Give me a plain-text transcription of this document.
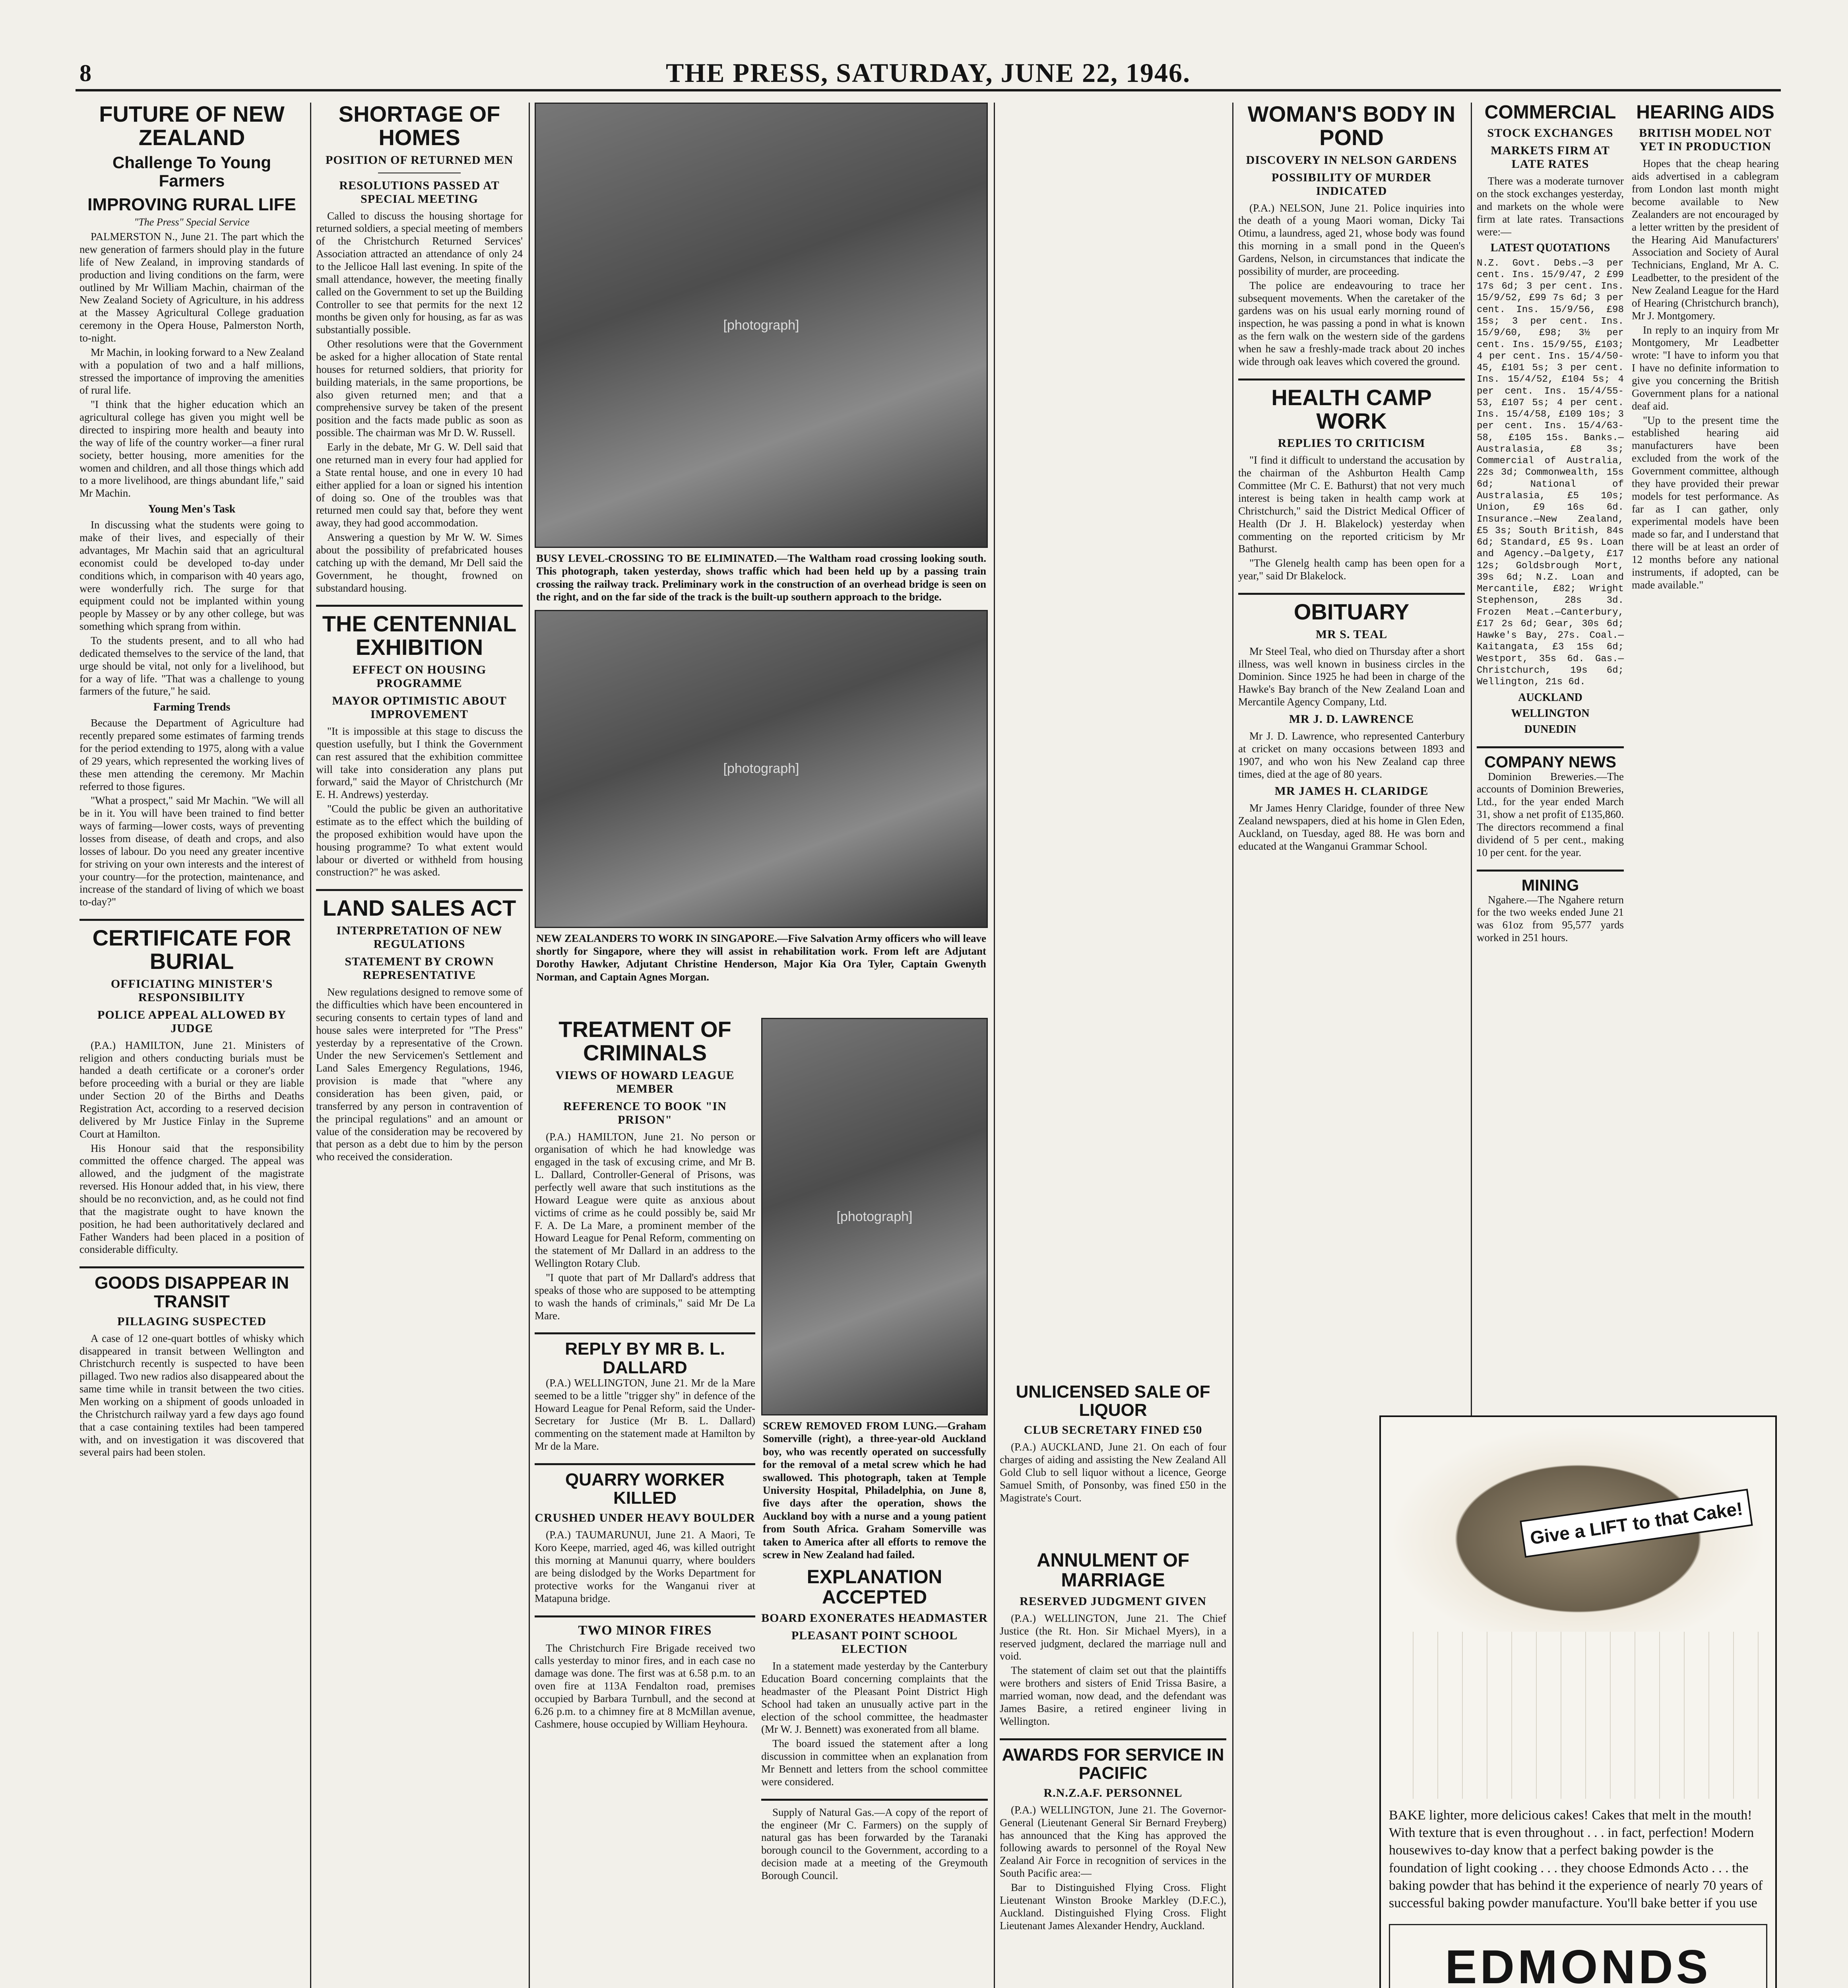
8	THE PRESS, SATURDAY, JUNE 22, 1946.
FUTURE OF NEW ZEALAND
Challenge To Young Farmers
IMPROVING RURAL LIFE
"The Press" Special Service

PALMERSTON N., June 21. The part which the new generation of farmers should play in the future life of New Zealand, in improving standards of production and living conditions on the farm, were outlined by Mr William Machin, chairman of the New Zealand Society of Agriculture, in his address at the Massey Agricultural College graduation ceremony in the Opera House, Palmerston North, to-night.

Mr Machin, in looking forward to a New Zealand with a population of two and a half millions, stressed the importance of improving the amenities of rural life.

"I think that the higher education which an agricultural college has given you might well be directed to inspiring more health and beauty into the way of life of the country worker—a finer rural society, better housing, more amenities for the women and children, and all those things which add to a more livelihood, are things abundant life," said Mr Machin.

Young Men's Task

In discussing what the students were going to make of their lives, and especially of their advantages, Mr Machin said that an agricultural economist could be developed to-day under conditions which, in comparison with 40 years ago, were wonderfully rich. The surge for that equipment could not be implanted within young people by Massey or by any other college, but was something which sprang from within.

To the students present, and to all who had dedicated themselves to the service of the land, that urge should be vital, not only for a livelihood, but for a way of life. "That was a challenge to young farmers of the future," he said.

Farming Trends

Because the Department of Agriculture had recently prepared some estimates of farming trends for the period extending to 1975, along with a value of 29 years, which represented the working lives of these men attending the ceremony. Mr Machin referred to those figures.

"What a prospect," said Mr Machin. "We will all be in it. You will have been trained to find better ways of farming—lower costs, ways of preventing losses from disease, of death and crops, and also losses of labour. Do you need any greater incentive for striving on your own interests and the interest of your country—for the protection, maintenance, and increase of the standard of living of which we boast to-day?"

CERTIFICATE FOR BURIAL
OFFICIATING MINISTER'S RESPONSIBILITY
POLICE APPEAL ALLOWED BY JUDGE

(P.A.) HAMILTON, June 21. Ministers of religion and others conducting burials must be handed a death certificate or a coroner's order before proceeding with a burial or they are liable under Section 20 of the Births and Deaths Registration Act, according to a reserved decision delivered by Mr Justice Finlay in the Supreme Court at Hamilton.

His Honour said that the responsibility committed the offence charged. The appeal was allowed, and the judgment of the magistrate reversed. His Honour added that, in his view, there should be no reconviction, and, as he could not find that the magistrate ought to have known the position, he had been authoritatively declared and Father Wanders had been placed in a position of considerable difficulty.

GOODS DISAPPEAR IN TRANSIT
PILLAGING SUSPECTED

A case of 12 one-quart bottles of whisky which disappeared in transit between Wellington and Christchurch recently is suspected to have been pillaged. Two new radios also disappeared about the same time while in transit between the two cities. Men working on a shipment of goods unloaded in the Christchurch railway yard a few days ago found that a case containing textiles had been tampered with, and on investigation it was discovered that several pairs had been stolen.

SHORTAGE OF HOMES
POSITION OF RETURNED MEN
RESOLUTIONS PASSED AT SPECIAL MEETING

Called to discuss the housing shortage for returned soldiers, a special meeting of members of the Christchurch Returned Services' Association attracted an attendance of only 24 to the Jellicoe Hall last evening. In spite of the small attendance, however, the meeting finally called on the Government to set up the Building Controller to see that permits for the next 12 months be given only for housing, as far as was substantially possible.

Other resolutions were that the Government be asked for a higher allocation of State rental houses for returned soldiers, that priority for building materials, in the same proportions, be also given returned men; and that a comprehensive survey be taken of the present position and the facts made public as soon as possible. The chairman was Mr D. W. Russell.

Early in the debate, Mr G. W. Dell said that one returned man in every four had applied for a State rental house, and one in every 10 had either applied for a loan or signed his intention of doing so. One of the troubles was that returned men could say that, before they went away, they had good accommodation.

Answering a question by Mr W. W. Simes about the possibility of prefabricated houses catching up with the demand, Mr Dell said the Government, he thought, frowned on substandard housing.

THE CENTENNIAL EXHIBITION
EFFECT ON HOUSING PROGRAMME
MAYOR OPTIMISTIC ABOUT IMPROVEMENT

"It is impossible at this stage to discuss the question usefully, but I think the Government can rest assured that the exhibition committee will take into consideration any plans put forward," said the Mayor of Christchurch (Mr E. H. Andrews) yesterday.

"Could the public be given an authoritative estimate as to the effect which the building of the proposed exhibition would have upon the housing programme? To what extent would labour or diverted or withheld from housing construction?" he was asked.

LAND SALES ACT
INTERPRETATION OF NEW REGULATIONS
STATEMENT BY CROWN REPRESENTATIVE

New regulations designed to remove some of the difficulties which have been encountered in securing consents to certain types of land and house sales were interpreted for "The Press" yesterday by a representative of the Crown. Under the new Servicemen's Settlement and Land Sales Emergency Regulations, 1946, provision is made that "where any consideration has been given, paid, or transferred by any person in contravention of the principal regulations" and an amount or value of the consideration may be recovered by that person as a debt due to him by the person who received the consideration.

[photograph]
BUSY LEVEL-CROSSING TO BE ELIMINATED.—The Waltham road crossing looking south. This photograph, taken yesterday, shows traffic which had been held up by a passing train crossing the railway track. Preliminary work in the construction of an overhead bridge is seen on the right, and on the far side of the track is the built-up southern approach to the bridge.
[photograph]
NEW ZEALANDERS TO WORK IN SINGAPORE.—Five Salvation Army officers who will leave shortly for Singapore, where they will assist in rehabilitation work. From left are Adjutant Dorothy Hawker, Adjutant Christine Henderson, Major Kia Ora Tyler, Captain Gwenyth Norman, and Captain Agnes Morgan.
TREATMENT OF CRIMINALS
VIEWS OF HOWARD LEAGUE MEMBER
REFERENCE TO BOOK "IN PRISON"

(P.A.) HAMILTON, June 21. No person or organisation of which he had knowledge was engaged in the task of excusing crime, and Mr B. L. Dallard, Controller-General of Prisons, was perfectly well aware that such institutions as the Howard League were quite as anxious about victims of crime as he could possibly be, said Mr F. A. De La Mare, a prominent member of the Howard League for Penal Reform, commenting on the statement of Mr Dallard in an address to the Wellington Rotary Club.

"I quote that part of Mr Dallard's address that speaks of those who are supposed to be attempting to wash the hands of criminals," said Mr De La Mare.

REPLY BY MR B. L. DALLARD

(P.A.) WELLINGTON, June 21. Mr de la Mare seemed to be a little "trigger shy" in defence of the Howard League for Penal Reform, said the Under-Secretary for Justice (Mr B. L. Dallard) commenting on the statement made at Hamilton by Mr de la Mare.

QUARRY WORKER KILLED
CRUSHED UNDER HEAVY BOULDER

(P.A.) TAUMARUNUI, June 21. A Maori, Te Koro Keepe, married, aged 46, was killed outright this morning at Manunui quarry, where boulders are being dislodged by the Works Department for protective works for the Wanganui river at Matapuna bridge.

TWO MINOR FIRES

The Christchurch Fire Brigade received two calls yesterday to minor fires, and in each case no damage was done. The first was at 6.58 p.m. to an oven fire at 113A Fendalton road, premises occupied by Barbara Turnbull, and the second at 6.26 p.m. to a chimney fire at 8 McMillan avenue, Cashmere, house occupied by William Heyhoura.

[photograph]
SCREW REMOVED FROM LUNG.—Graham Somerville (right), a three-year-old Auckland boy, who was recently operated on successfully for the removal of a metal screw which he had swallowed. This photograph, taken at Temple University Hospital, Philadelphia, on June 8, five days after the operation, shows the Auckland boy with a nurse and a young patient from South Africa. Graham Somerville was taken to America after all efforts to remove the screw in New Zealand had failed.
EXPLANATION ACCEPTED
BOARD EXONERATES HEADMASTER
PLEASANT POINT SCHOOL ELECTION

In a statement made yesterday by the Canterbury Education Board concerning complaints that the headmaster of the Pleasant Point District High School had taken an unusually active part in the election of the school committee, the headmaster (Mr W. J. Bennett) was exonerated from all blame.

The board issued the statement after a long discussion in committee when an explanation from Mr Bennett and letters from the school committee were considered.

Supply of Natural Gas.—A copy of the report of the engineer (Mr C. Farmers) on the supply of natural gas has been forwarded by the Taranaki borough council to the Government, according to a decision made at a meeting of the Greymouth Borough Council.

WOMAN'S BODY IN POND
DISCOVERY IN NELSON GARDENS
POSSIBILITY OF MURDER INDICATED

(P.A.) NELSON, June 21. Police inquiries into the death of a young Maori woman, Dicky Tai Otimu, a laundress, aged 21, whose body was found this morning in a small pond in the Queen's Gardens, Nelson, in circumstances that indicate the possibility of murder, are proceeding.

The police are endeavouring to trace her subsequent movements. When the caretaker of the gardens was on his usual early morning round of inspection, he was passing a pond in what is known as the fern walk on the western side of the gardens when he saw a freshly-made track about 20 inches wide through oak leaves which covered the ground.

HEALTH CAMP WORK
REPLIES TO CRITICISM

"I find it difficult to understand the accusation by the chairman of the Ashburton Health Camp Committee (Mr C. E. Bathurst) that not very much interest is being taken in health camp work at Christchurch," said the District Medical Officer of Health (Dr J. H. Blakelock) yesterday when commenting on the reported criticism by Mr Bathurst.

"The Glenelg health camp has been open for a year," said Dr Blakelock.

OBITUARY
MR S. TEAL

Mr Steel Teal, who died on Thursday after a short illness, was well known in business circles in the Dominion. Since 1925 he had been in charge of the Hawke's Bay branch of the New Zealand Loan and Mercantile Agency Company, Ltd.

MR J. D. LAWRENCE

Mr J. D. Lawrence, who represented Canterbury at cricket on many occasions between 1893 and 1907, and who won his New Zealand cap three times, died at the age of 80 years.

MR JAMES H. CLARIDGE

Mr James Henry Claridge, founder of three New Zealand newspapers, died at his home in Glen Eden, Auckland, on Tuesday, aged 88. He was born and educated at the Wanganui Grammar School.

ANNULMENT OF MARRIAGE
RESERVED JUDGMENT GIVEN

(P.A.) WELLINGTON, June 21. The Chief Justice (the Rt. Hon. Sir Michael Myers), in a reserved judgment, declared the marriage null and void.

The statement of claim set out that the plaintiffs were brothers and sisters of Enid Trissa Basire, a married woman, now dead, and the defendant was James Basire, a retired engineer living in Wellington.

AWARDS FOR SERVICE IN PACIFIC
R.N.Z.A.F. PERSONNEL

(P.A.) WELLINGTON, June 21. The Governor-General (Lieutenant General Sir Bernard Freyberg) has announced that the King has approved the following awards to personnel of the Royal New Zealand Air Force in recognition of services in the South Pacific area:—

Bar to Distinguished Flying Cross. Flight Lieutenant Winston Brooke Markley (D.F.C.), Auckland. Distinguished Flying Cross. Flight Lieutenant James Alexander Hendry, Auckland.

UNLICENSED SALE OF LIQUOR
CLUB SECRETARY FINED £50

(P.A.) AUCKLAND, June 21. On each of four charges of aiding and assisting the New Zealand All Gold Club to sell liquor without a licence, George Samuel Smith, of Ponsonby, was fined £50 in the Magistrate's Court.

COMMERCIAL
STOCK EXCHANGES
MARKETS FIRM AT LATE RATES

There was a moderate turnover on the stock exchanges yesterday, and markets on the whole were firm at late rates. Transactions were:—

LATEST QUOTATIONS

N.Z. Govt. Debs.—3 per cent. Ins. 15/9/47, 2 £99 17s 6d; 3 per cent. Ins. 15/9/52, £99 7s 6d; 3 per cent. Ins. 15/9/56, £98 15s; 3 per cent. Ins. 15/9/60, £98; 3½ per cent. Ins. 15/9/55, £103; 4 per cent. Ins. 15/4/50-45, £101 5s; 3 per cent. Ins. 15/4/52, £104 5s; 4 per cent. Ins. 15/4/55-53, £107 5s; 4 per cent. Ins. 15/4/58, £109 10s; 3 per cent. Ins. 15/4/63-58, £105 15s. Banks.—Australasia, £8 3s; Commercial of Australia, 22s 3d; Commonwealth, 15s 6d; National of Australasia, £5 10s; Union, £9 16s 6d. Insurance.—New Zealand, £5 3s; South British, 84s 6d; Standard, £5 9s. Loan and Agency.—Dalgety, £17 12s; Goldsbrough Mort, 39s 6d; N.Z. Loan and Mercantile, £82; Wright Stephenson, 28s 3d. Frozen Meat.—Canterbury, £17 2s 6d; Gear, 30s 6d; Hawke's Bay, 27s. Coal.—Kaitangata, £3 15s 6d; Westport, 35s 6d. Gas.—Christchurch, 19s 6d; Wellington, 21s 6d.

AUCKLAND
WELLINGTON
DUNEDIN
COMPANY NEWS

Dominion Breweries.—The accounts of Dominion Breweries, Ltd., for the year ended March 31, show a net profit of £135,860. The directors recommend a final dividend of 5 per cent., making 10 per cent. for the year.

MINING

Ngahere.—The Ngahere return for the two weeks ended June 21 was 61oz from 95,577 yards worked in 251 hours.

HEARING AIDS
BRITISH MODEL NOT YET IN PRODUCTION

Hopes that the cheap hearing aids advertised in a cablegram from London last month might become available to New Zealanders are not encouraged by a letter written by the president of the Hearing Aid Manufacturers' Association and Society of Aural Technicians, England, Mr A. C. Leadbetter, to the president of the New Zealand League for the Hard of Hearing (Christchurch branch), Mr J. Montgomery.

In reply to an inquiry from Mr Montgomery, Mr Leadbetter wrote: "I have to inform you that I have no definite information to give you concerning the British Government plans for a national deaf aid.

"Up to the present time the established hearing aid manufacturers have been excluded from the work of the Government committee, although they have provided their prewar models for test performance. As far as I can gather, only experimental models have been made so far, and I understand that there will be at least an order of 12 months before any national instruments, if adopted, can be made available."

Give a LIFT to that Cake!

BAKE lighter, more delicious cakes! Cakes that melt in the mouth! With texture that is even throughout . . . in fact, perfection! Modern housewives to-day know that a perfect baking powder is the foundation of light cooking . . . they choose Edmonds Acto . . . the baking powder that has behind it the experience of nearly 70 years of successful baking powder manufacture. You'll bake better if you use

EDMONDS
